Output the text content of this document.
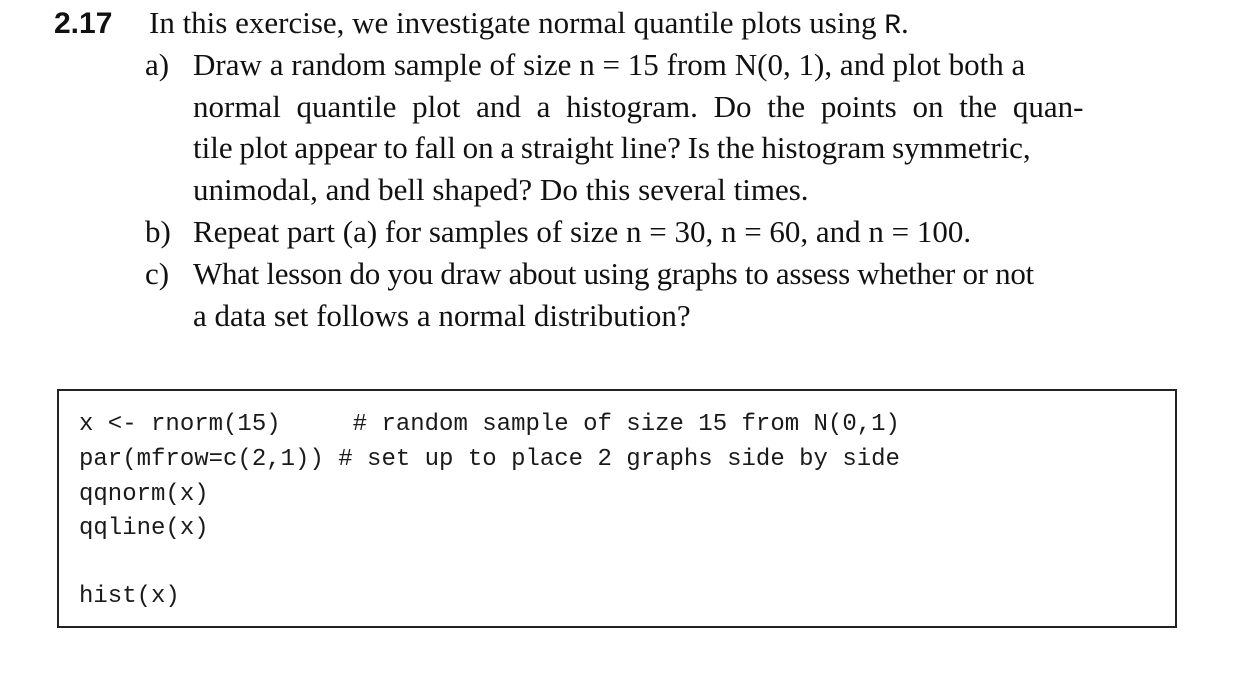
2.17 In this exercise, we investigate normal quantile plots using R.
a) Draw a random sample of size n = 15 from N(0, 1), and plot both a
normal quantile plot and a histogram. Do the points on the quan-
tile plot appear to fall on a straight line? Is the histogram symmetric,
unimodal, and bell shaped? Do this several times.
b) Repeat part (a) for samples of size n = 30, n = 60, and n = 100.
c) What lesson do you draw about using graphs to assess whether or not
a data set follows a normal distribution?
x <- rnorm(15)     # random sample of size 15 from N(0,1)
par(mfrow=c(2,1)) # set up to place 2 graphs side by side
qqnorm(x)
qqline(x)
hist(x)
